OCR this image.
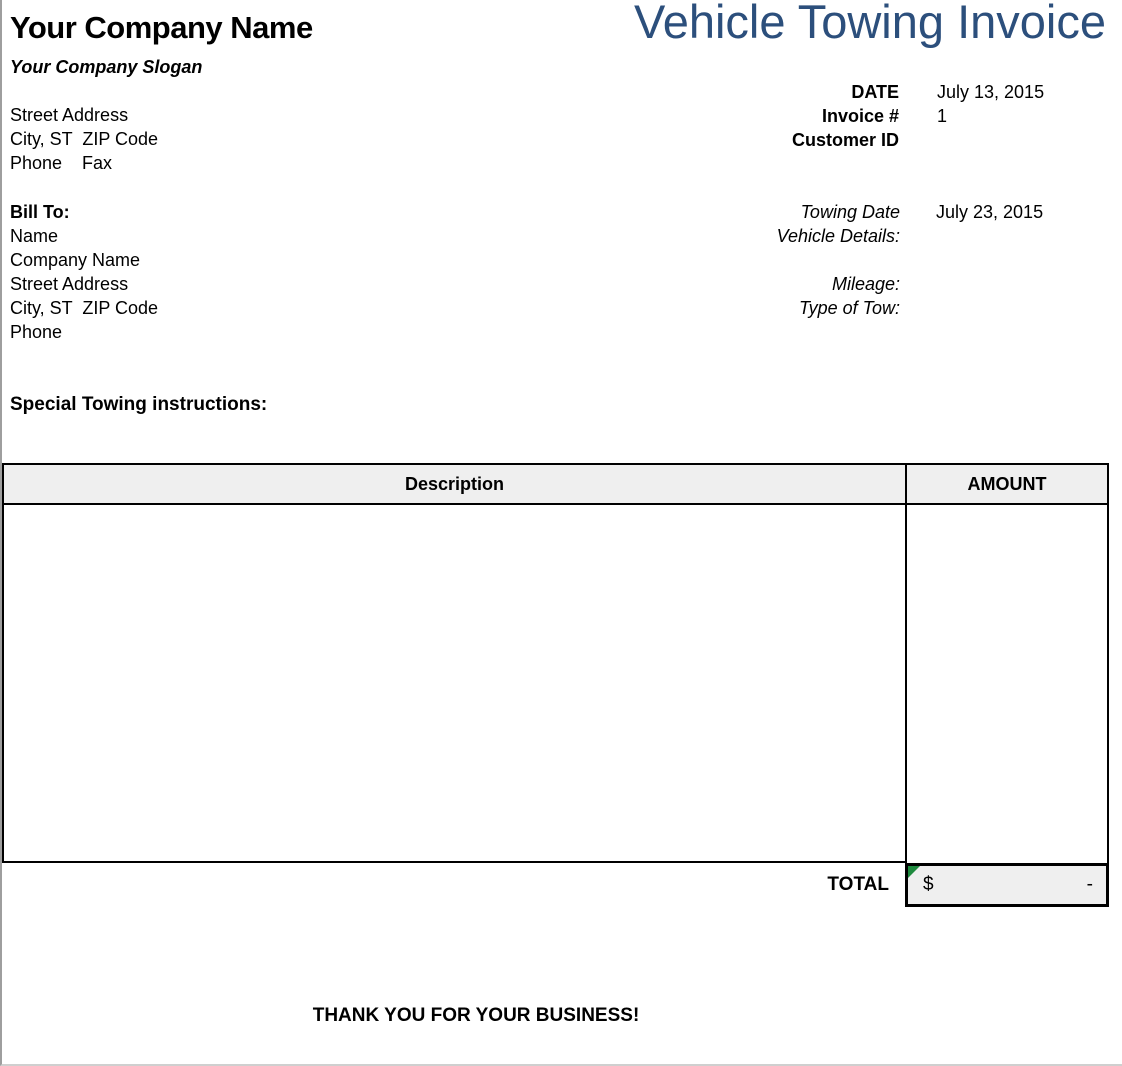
Your Company Name
Your Company Slogan
Street Address
City, ST  ZIP Code
Phone    Fax
Vehicle Towing Invoice
DATE July 13, 2015
Invoice # 1
Customer ID
Bill To:
Name
Company Name
Street Address
City, ST  ZIP Code
Phone
Towing Date July 23, 2015
Vehicle Details:
Mileage:
Type of Tow:
Special Towing instructions:
Description	AMOUNT
TOTAL $	-
THANK YOU FOR YOUR BUSINESS!
